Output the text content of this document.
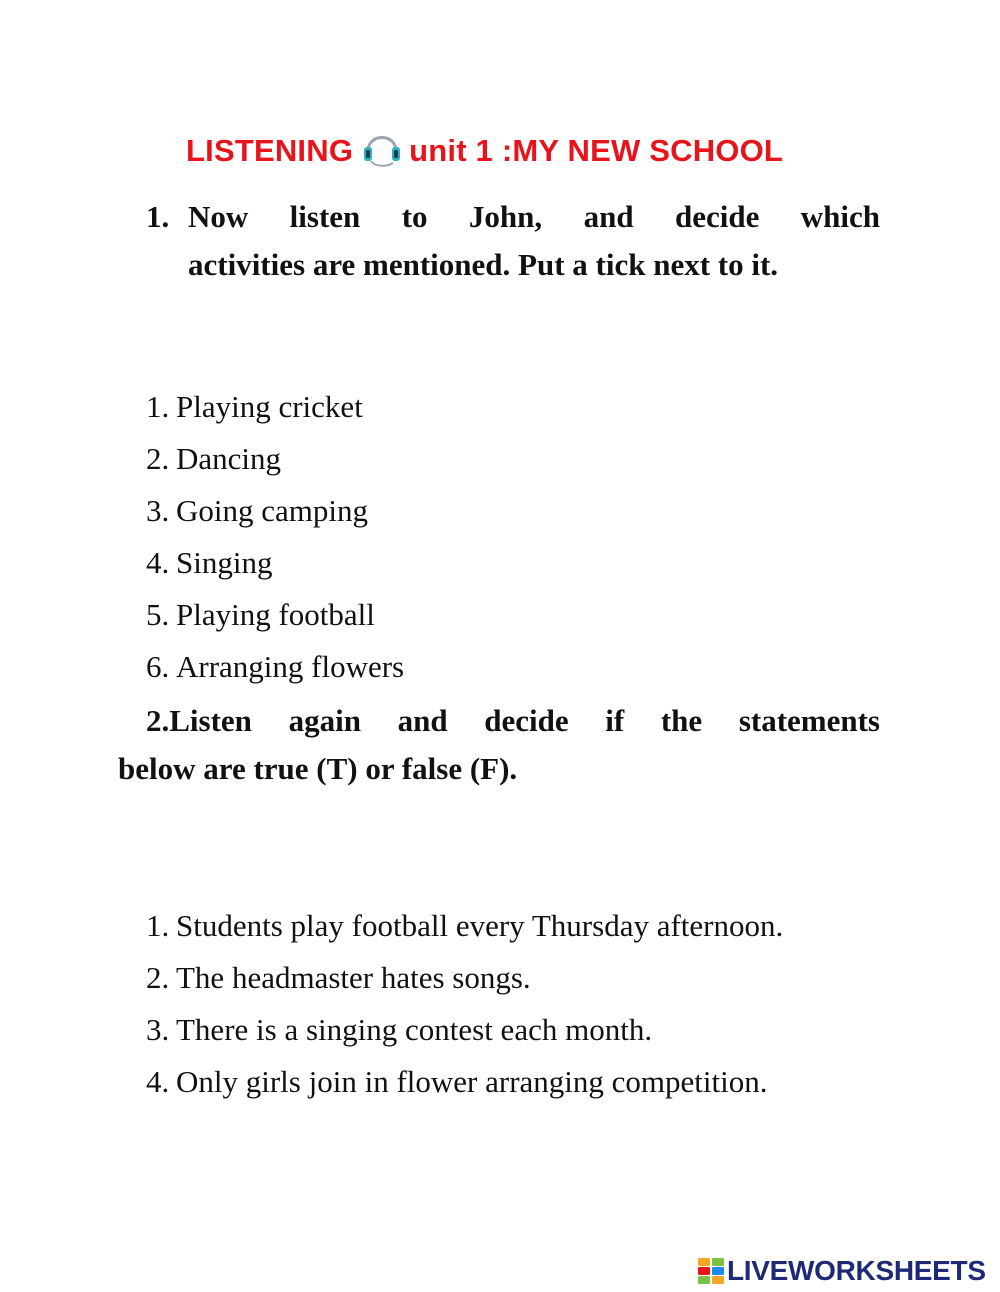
LISTENING unit 1 :MY NEW SCHOOL
1. Now listen to John, and decide which
activities are mentioned. Put a tick next to it.
1. Playing cricket
2. Dancing
3. Going camping
4. Singing
5. Playing football
6. Arranging flowers
2.Listen again and decide if the statements
below are true (T) or false (F).
1. Students play football every Thursday afternoon.
2. The headmaster hates songs.
3. There is a singing contest each month.
4. Only girls join in flower arranging competition.
LIVEWORKSHEETS
